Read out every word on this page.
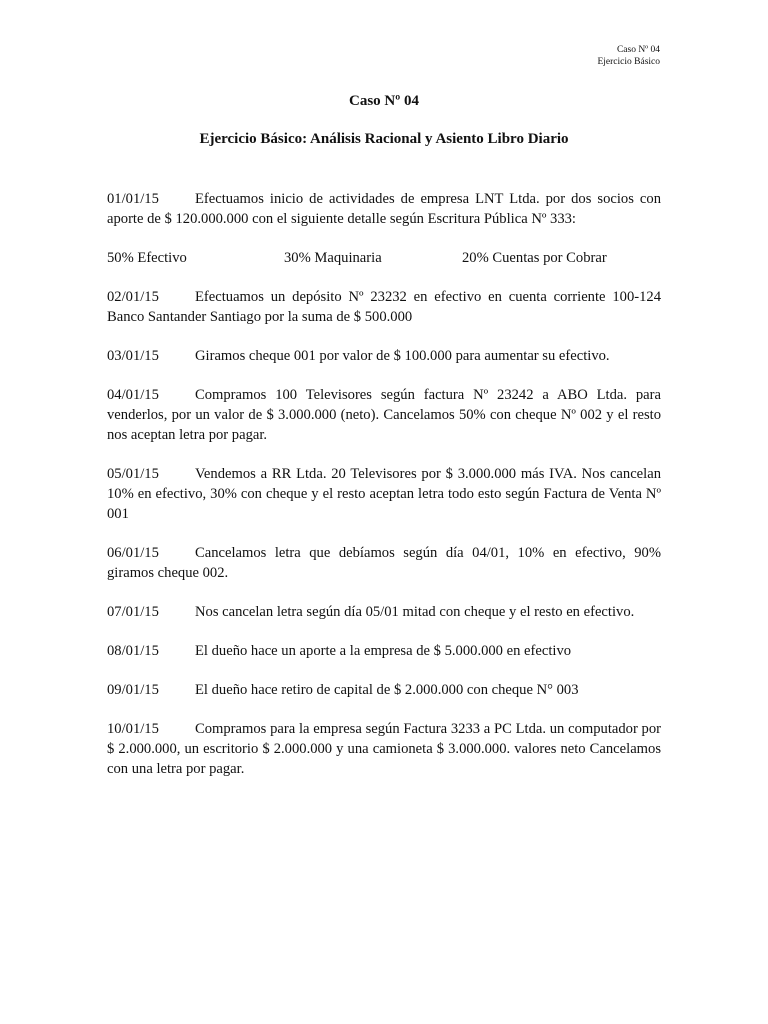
Caso Nº 04
Ejercicio Básico
Caso Nº 04
Ejercicio Básico: Análisis Racional y Asiento Libro Diario

01/01/15 Efectuamos inicio de actividades de empresa LNT Ltda. por dos socios con aporte de $ 120.000.000 con el siguiente detalle según Escritura Pública Nº 333:

50% Efectivo	30% Maquinaria	20% Cuentas por Cobrar

02/01/15 Efectuamos un depósito Nº 23232 en efectivo en cuenta corriente 100-124 Banco Santander Santiago por la suma de $ 500.000

03/01/15 Giramos cheque 001 por valor de $ 100.000 para aumentar su efectivo.

04/01/15 Compramos 100 Televisores según factura Nº 23242 a ABO Ltda. para venderlos, por un valor de $ 3.000.000 (neto). Cancelamos 50% con cheque Nº 002 y el resto nos aceptan letra por pagar.

05/01/15 Vendemos a RR Ltda. 20 Televisores por $ 3.000.000 más IVA. Nos cancelan 10% en efectivo, 30% con cheque y el resto aceptan letra todo esto según Factura de Venta Nº 001

06/01/15 Cancelamos letra que debíamos según día 04/01, 10% en efectivo, 90% giramos cheque 002.

07/01/15 Nos cancelan letra según día 05/01 mitad con cheque y el resto en efectivo.

08/01/15 El dueño hace un aporte a la empresa de $ 5.000.000 en efectivo

09/01/15 El dueño hace retiro de capital de $ 2.000.000 con cheque N° 003

10/01/15 Compramos para la empresa según Factura 3233 a PC Ltda. un computador por $ 2.000.000, un escritorio $ 2.000.000 y una camioneta $ 3.000.000. valores neto Cancelamos con una letra por pagar.
